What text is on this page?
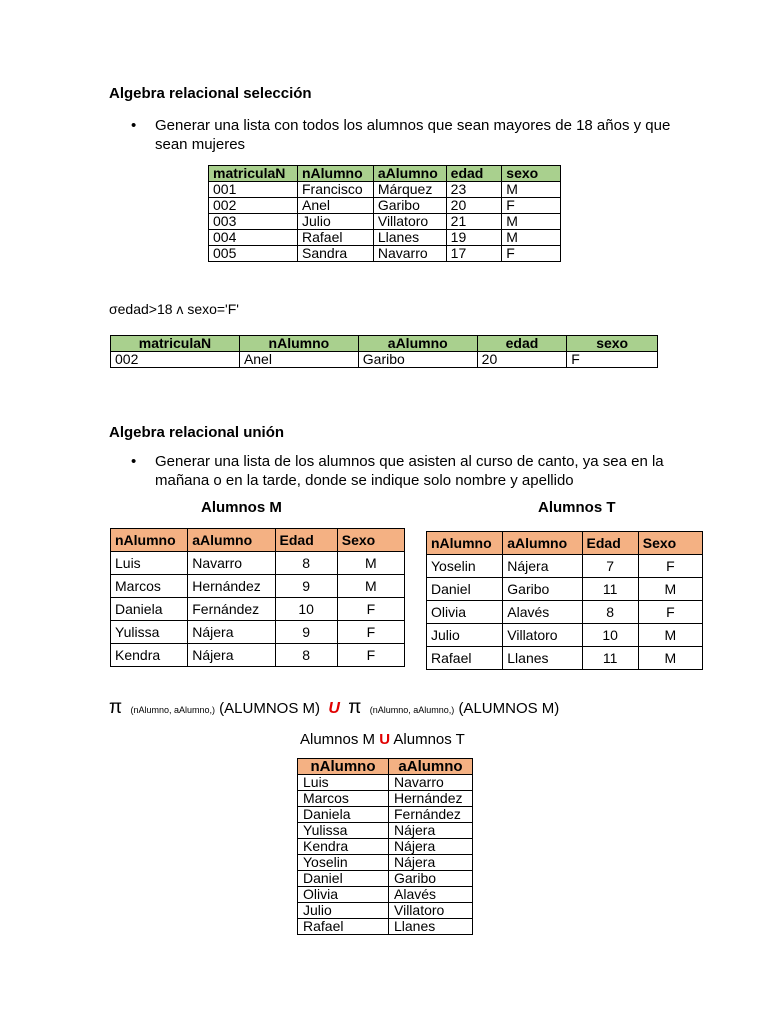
Algebra relacional selección
• Generar una lista con todos los alumnos que sean mayores de 18 años y que sean mujeres
matriculaN	nAlumno	aAlumno	edad	sexo
001	Francisco	Márquez	23	M
002	Anel	Garibo	20	F
003	Julio	Villatoro	21	M
004	Rafael	Llanes	19	M
005	Sandra	Navarro	17	F
σedad>18 ʌ sexo='F'
matriculaN	nAlumno	aAlumno	edad	sexo
002	Anel	Garibo	20	F
Algebra relacional unión
• Generar una lista de los alumnos que asisten al curso de canto, ya sea en la mañana o en la tarde, donde se indique solo nombre y apellido
Alumnos M	Alumnos T
nAlumno	aAlumno	Edad	Sexo
Luis	Navarro	8	M
Marcos	Hernández	9	M
Daniela	Fernández	10	F
Yulissa	Nájera	9	F
Kendra	Nájera	8	F
nAlumno	aAlumno	Edad	Sexo
Yoselin	Nájera	7	F
Daniel	Garibo	11	M
Olivia	Alavés	8	F
Julio	Villatoro	10	M
Rafael	Llanes	11	M
π (nAlumno, aAlumno,) (ALUMNOS M) U π (nAlumno, aAlumno,) (ALUMNOS M)
Alumnos M U Alumnos T
nAlumno	aAlumno
Luis	Navarro
Marcos	Hernández
Daniela	Fernández
Yulissa	Nájera
Kendra	Nájera
Yoselin	Nájera
Daniel	Garibo
Olivia	Alavés
Julio	Villatoro
Rafael	Llanes
